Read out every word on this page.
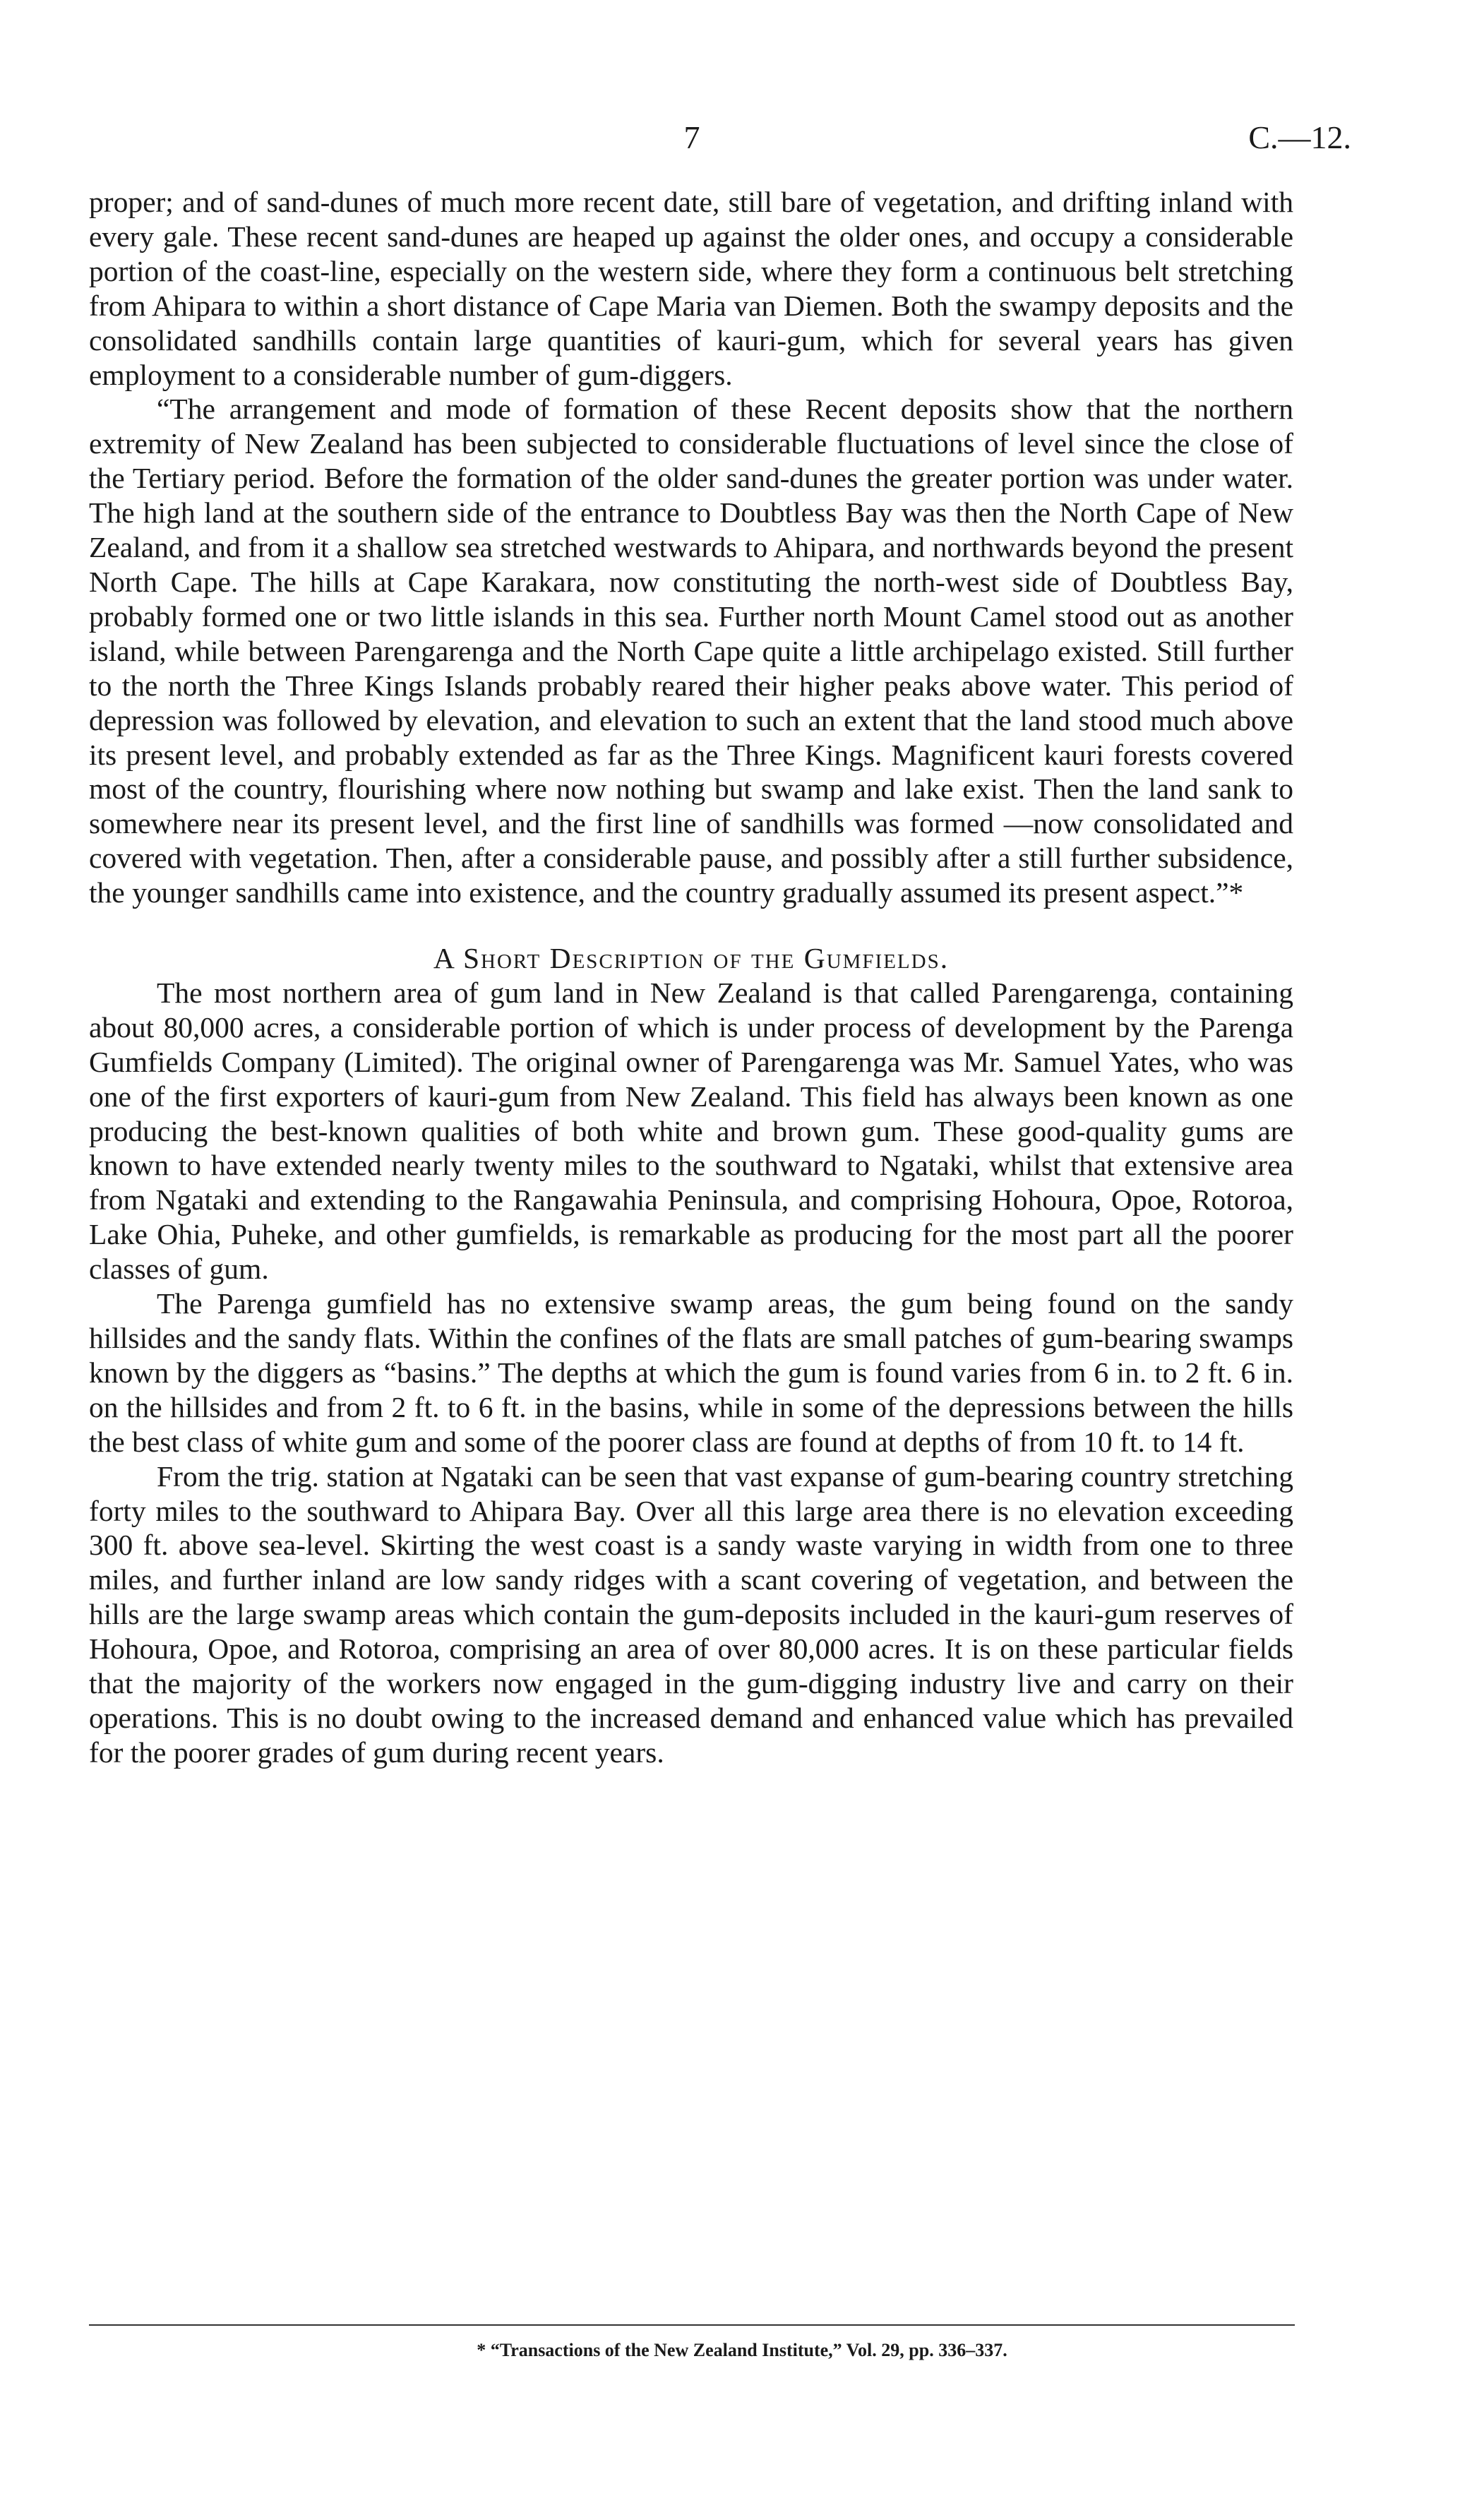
7	C.—12.

proper; and of sand-dunes of much more recent date, still bare of vegetation, and drifting inland with every gale. These recent sand-dunes are heaped up against the older ones, and occupy a considerable portion of the coast-line, especially on the western side, where they form a continuous belt stretching from Ahipara to within a short distance of Cape Maria van Diemen. Both the swampy deposits and the consolidated sandhills contain large quantities of kauri-gum, which for several years has given employment to a considerable number of gum-diggers.

“The arrangement and mode of formation of these Recent deposits show that the northern extremity of New Zealand has been subjected to considerable fluctuations of level since the close of the Tertiary period. Before the formation of the older sand-dunes the greater portion was under water. The high land at the southern side of the entrance to Doubtless Bay was then the North Cape of New Zealand, and from it a shallow sea stretched westwards to Ahipara, and northwards beyond the present North Cape. The hills at Cape Karakara, now constituting the north-west side of Doubtless Bay, probably formed one or two little islands in this sea. Further north Mount Camel stood out as another island, while between Parengarenga and the North Cape quite a little archipelago existed. Still further to the north the Three Kings Islands probably reared their higher peaks above water. This period of depression was followed by elevation, and elevation to such an extent that the land stood much above its present level, and probably extended as far as the Three Kings. Magnificent kauri forests covered most of the country, flourishing where now nothing but swamp and lake exist. Then the land sank to somewhere near its present level, and the first line of sandhills was formed —now consolidated and covered with vegetation. Then, after a considerable pause, and possibly after a still further subsidence, the younger sandhills came into existence, and the country gradually assumed its present aspect.”*

A Short Description of the Gumfields.

The most northern area of gum land in New Zealand is that called Parengarenga, containing about 80,000 acres, a considerable portion of which is under process of development by the Parenga Gumfields Company (Limited). The original owner of Parengarenga was Mr. Samuel Yates, who was one of the first exporters of kauri-gum from New Zealand. This field has always been known as one producing the best-known qualities of both white and brown gum. These good-quality gums are known to have extended nearly twenty miles to the southward to Ngataki, whilst that extensive area from Ngataki and extending to the Rangawahia Peninsula, and comprising Hohoura, Opoe, Rotoroa, Lake Ohia, Puheke, and other gumfields, is remarkable as producing for the most part all the poorer classes of gum.

The Parenga gumfield has no extensive swamp areas, the gum being found on the sandy hillsides and the sandy flats. Within the confines of the flats are small patches of gum-bearing swamps known by the diggers as “basins.” The depths at which the gum is found varies from 6 in. to 2 ft. 6 in. on the hillsides and from 2 ft. to 6 ft. in the basins, while in some of the depressions between the hills the best class of white gum and some of the poorer class are found at depths of from 10 ft. to 14 ft.

From the trig. station at Ngataki can be seen that vast expanse of gum-bearing country stretching forty miles to the southward to Ahipara Bay. Over all this large area there is no elevation exceeding 300 ft. above sea-level. Skirting the west coast is a sandy waste varying in width from one to three miles, and further inland are low sandy ridges with a scant covering of vegetation, and between the hills are the large swamp areas which contain the gum-deposits included in the kauri-gum reserves of Hohoura, Opoe, and Rotoroa, comprising an area of over 80,000 acres. It is on these particular fields that the majority of the workers now engaged in the gum-digging industry live and carry on their operations. This is no doubt owing to the increased demand and enhanced value which has prevailed for the poorer grades of gum during recent years.

* “Transactions of the New Zealand Institute,” Vol. 29, pp. 336–337.
